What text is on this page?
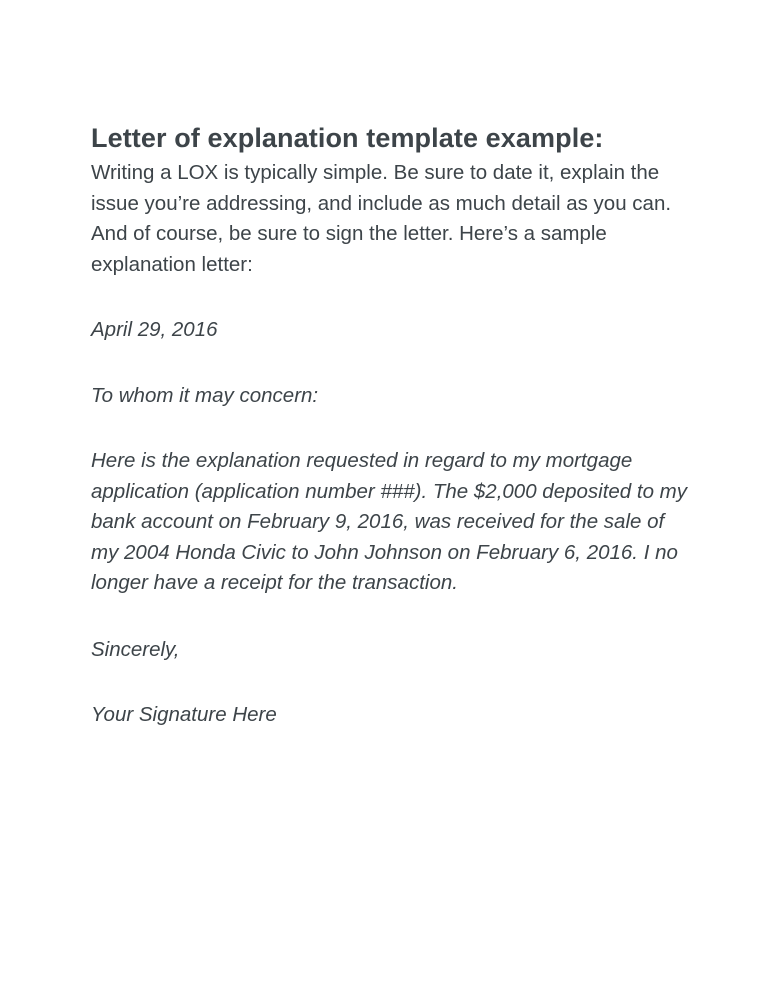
Letter of explanation template example:

Writing a LOX is typically simple. Be sure to date it, explain the issue you’re addressing, and include as much detail as you can. And of course, be sure to sign the letter. Here’s a sample explanation letter:

April 29, 2016

To whom it may concern:

Here is the explanation requested in regard to my mortgage application (application number ###). The $2,000 deposited to my bank account on February 9, 2016, was received for the sale of my 2004 Honda Civic to John Johnson on February 6, 2016. I no longer have a receipt for the transaction.

Sincerely,

Your Signature Here
